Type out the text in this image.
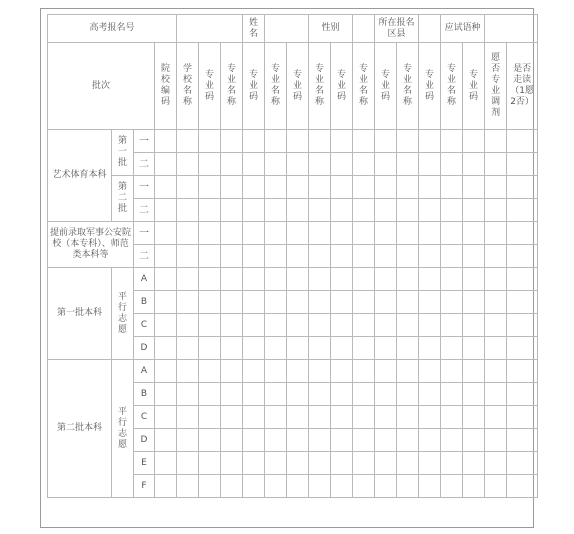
高考报名号							姓名			性别			所在报名区县			应试语种			

批次			院校编码	学校名称	专业码	专业名称	专业码	专业名称	专业码	专业名称	专业码	专业名称	专业码	专业名称	专业码	专业名称	专业码	愿否专业调剂	是否走读（1愿2否）

艺术体育本科	第一批	一																	
		二																	

	第二批	一																	
		二																	

提前录取军事公安院校（本专科）、师范类本科等		一																	
		二																	
第一批本科	平行志愿	A																	
		B																	
		C																	
		D																	
第二批本科	平行志愿	A																	
		B																	
		C																	
		D																	
		E																	
		F																	
